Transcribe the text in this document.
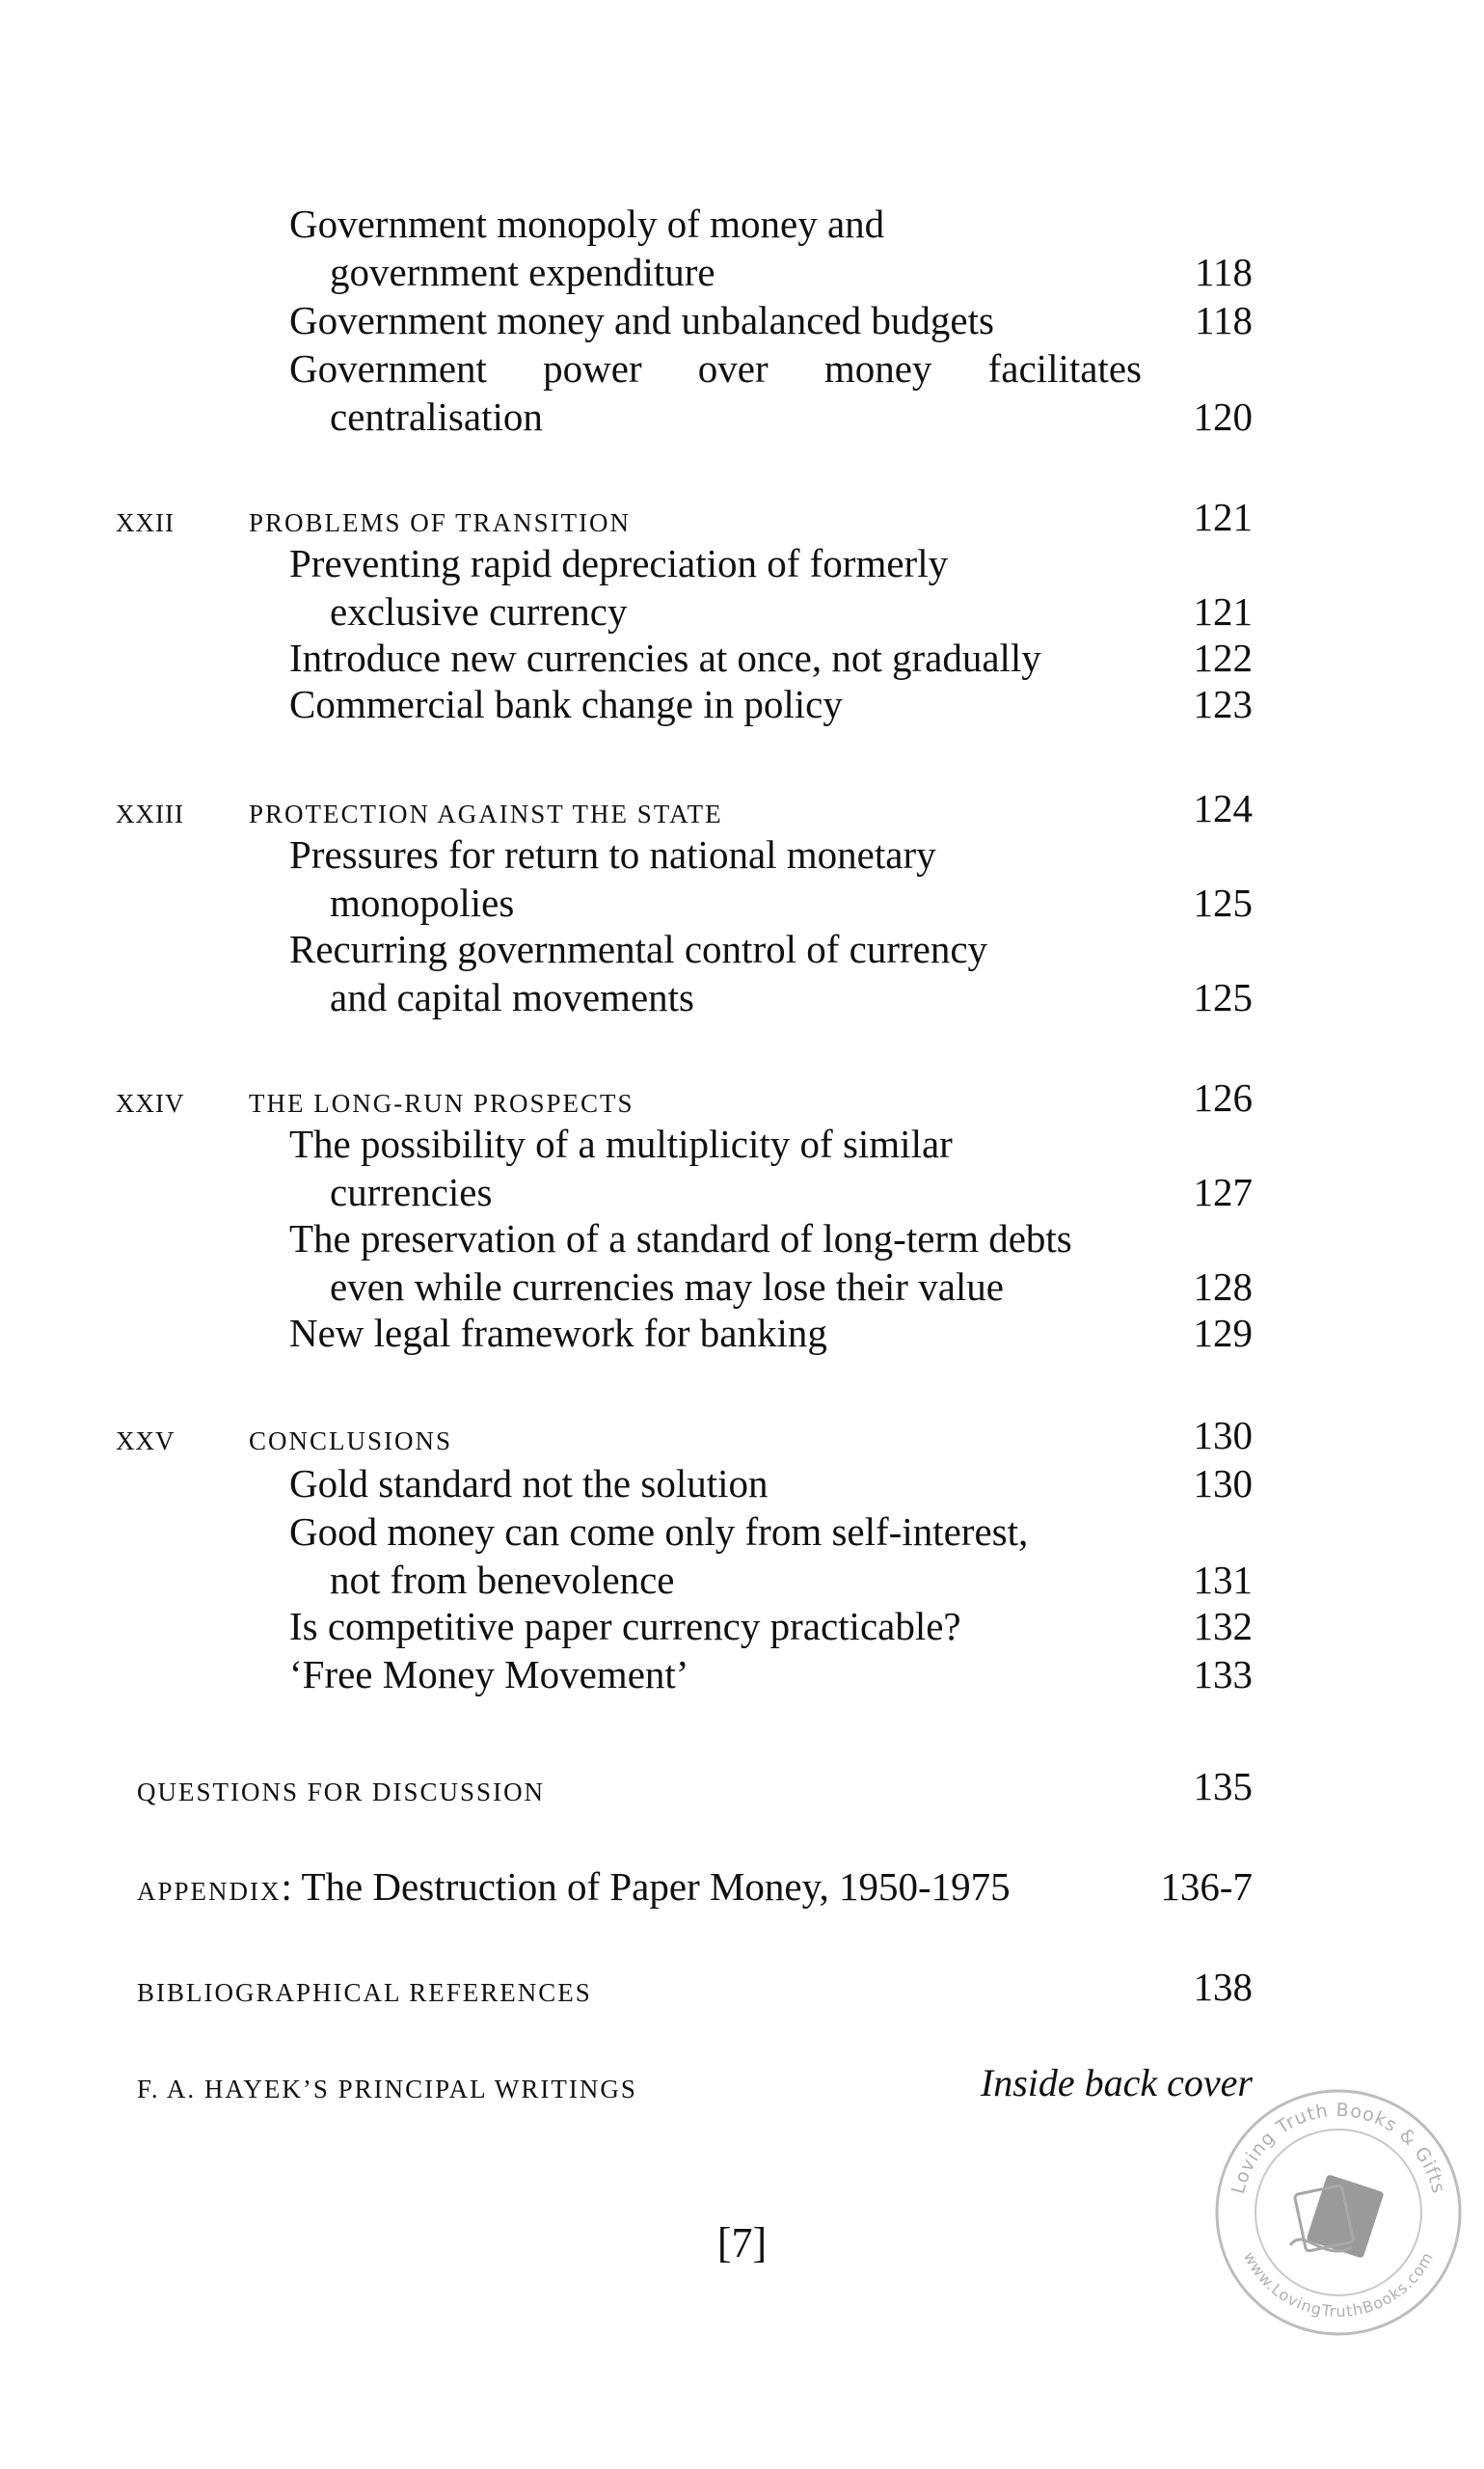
Government monopoly of money and
government expenditure	118
Government money and unbalanced budgets	118
Government power over money facilitates
centralisation	120
XXII	PROBLEMS OF TRANSITION	121
Preventing rapid depreciation of formerly
exclusive currency	121
Introduce new currencies at once, not gradually	122
Commercial bank change in policy	123
XXIII PROTECTION AGAINST THE STATE	124
Pressures for return to national monetary
monopolies	125
Recurring governmental control of currency
and capital movements	125
XXIV THE LONG-RUN PROSPECTS	126
The possibility of a multiplicity of similar
currencies	127
The preservation of a standard of long-term debts
even while currencies may lose their value	128
New legal framework for banking	129
XXV	CONCLUSIONS	130
Gold standard not the solution	130
Good money can come only from self-interest,
not from benevolence	131
Is competitive paper currency practicable?	132
‘Free Money Movement’	133
QUESTIONS FOR DISCUSSION	135
APPENDIX: The Destruction of Paper Money, 1950-1975	136-7
BIBLIOGRAPHICAL REFERENCES	138
F. A. HAYEK’S PRINCIPAL WRITINGS	Inside back cover
[7]
Loving Truth Books & Gifts
www.LovingTruthBooks.com
